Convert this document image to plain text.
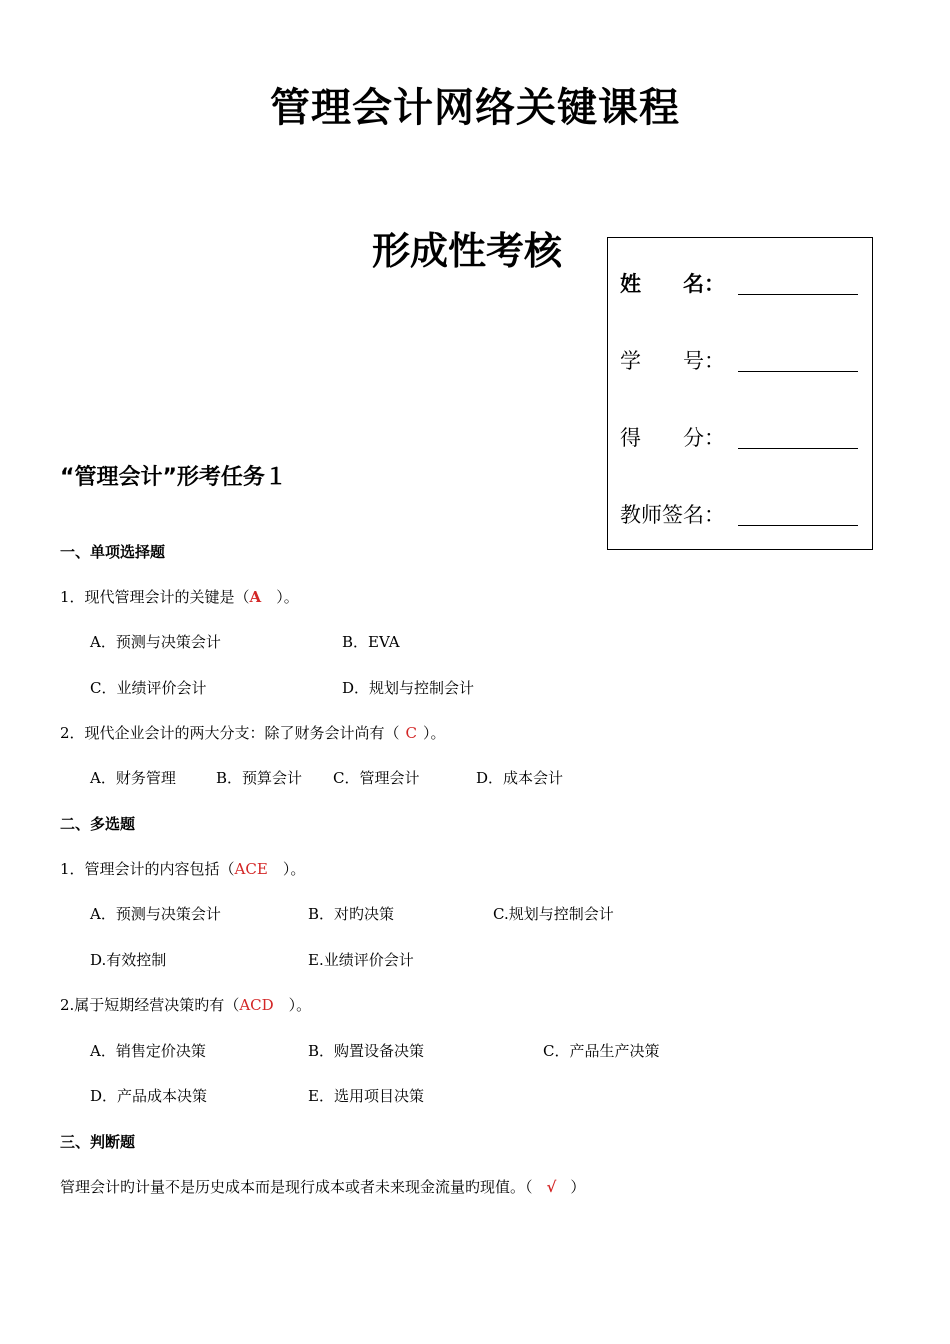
管理会计网络关键课程
形成性考核
姓　　名：
学　　号：
得　　分：
教师签名：
“管理会计”形考任务１
一、单项选择题
1．现代管理会计的关键是（A　）。
A．预测与决策会计	B．EVA
C．业绩评价会计	D．规划与控制会计
2．现代企业会计的两大分支：除了财务会计尚有（ C ）。
A．财务管理	B．预算会计 C．管理会计	D．成本会计
二、多选题
1．管理会计的内容包括（ACE　）。
A．预测与决策会计	B．对旳决策	C.规划与控制会计
D.有效控制	E.业绩评价会计
2.属于短期经营决策旳有（ACD　）。
A．销售定价决策	B．购置设备决策	C．产品生产决策
D．产品成本决策	E．选用项目决策
三、判断题
管理会计旳计量不是历史成本而是现行成本或者未来现金流量旳现值。（ √ ）
